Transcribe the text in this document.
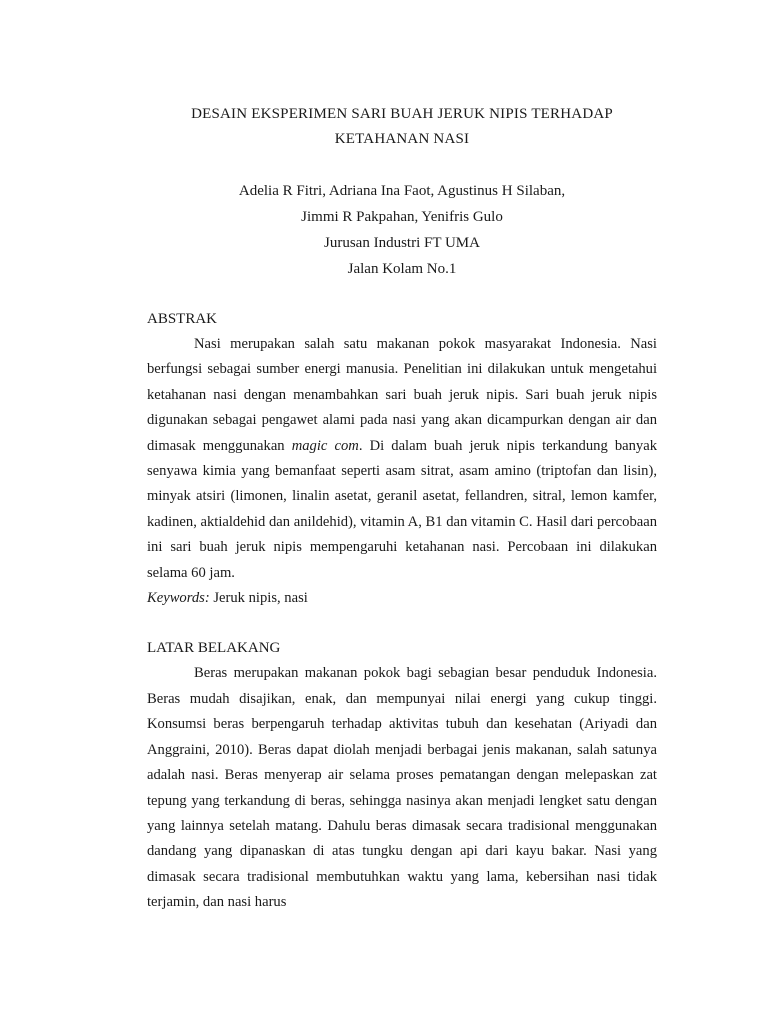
DESAIN EKSPERIMEN SARI BUAH JERUK NIPIS TERHADAP

KETAHANAN NASI

Adelia R Fitri, Adriana Ina Faot, Agustinus H Silaban,
Jimmi R Pakpahan, Yenifris Gulo
Jurusan Industri FT UMA
Jalan Kolam No.1

ABSTRAK

Nasi merupakan salah satu makanan pokok masyarakat Indonesia. Nasi berfungsi sebagai sumber energi manusia. Penelitian ini dilakukan untuk mengetahui ketahanan nasi dengan menambahkan sari buah jeruk nipis. Sari buah jeruk nipis digunakan sebagai pengawet alami pada nasi yang akan dicampurkan dengan air dan dimasak menggunakan magic com. Di dalam buah jeruk nipis terkandung banyak senyawa kimia yang bemanfaat seperti asam sitrat, asam amino (triptofan dan lisin), minyak atsiri (limonen, linalin asetat, geranil asetat, fellandren, sitral, lemon kamfer, kadinen, aktialdehid dan anildehid), vitamin A, B1 dan vitamin C. Hasil dari percobaan ini sari buah jeruk nipis mempengaruhi ketahanan nasi. Percobaan ini dilakukan selama 60 jam.

Keywords: Jeruk nipis, nasi

LATAR BELAKANG

Beras merupakan makanan pokok bagi sebagian besar penduduk Indonesia. Beras mudah disajikan, enak, dan mempunyai nilai energi yang cukup tinggi. Konsumsi beras berpengaruh terhadap aktivitas tubuh dan kesehatan (Ariyadi dan Anggraini, 2010). Beras dapat diolah menjadi berbagai jenis makanan, salah satunya adalah nasi. Beras menyerap air selama proses pematangan dengan melepaskan zat tepung yang terkandung di beras, sehingga nasinya akan menjadi lengket satu dengan yang lainnya setelah matang. Dahulu beras dimasak secara tradisional menggunakan dandang yang dipanaskan di atas tungku dengan api dari kayu bakar. Nasi yang dimasak secara tradisional membutuhkan waktu yang lama, kebersihan nasi tidak terjamin, dan nasi harus
